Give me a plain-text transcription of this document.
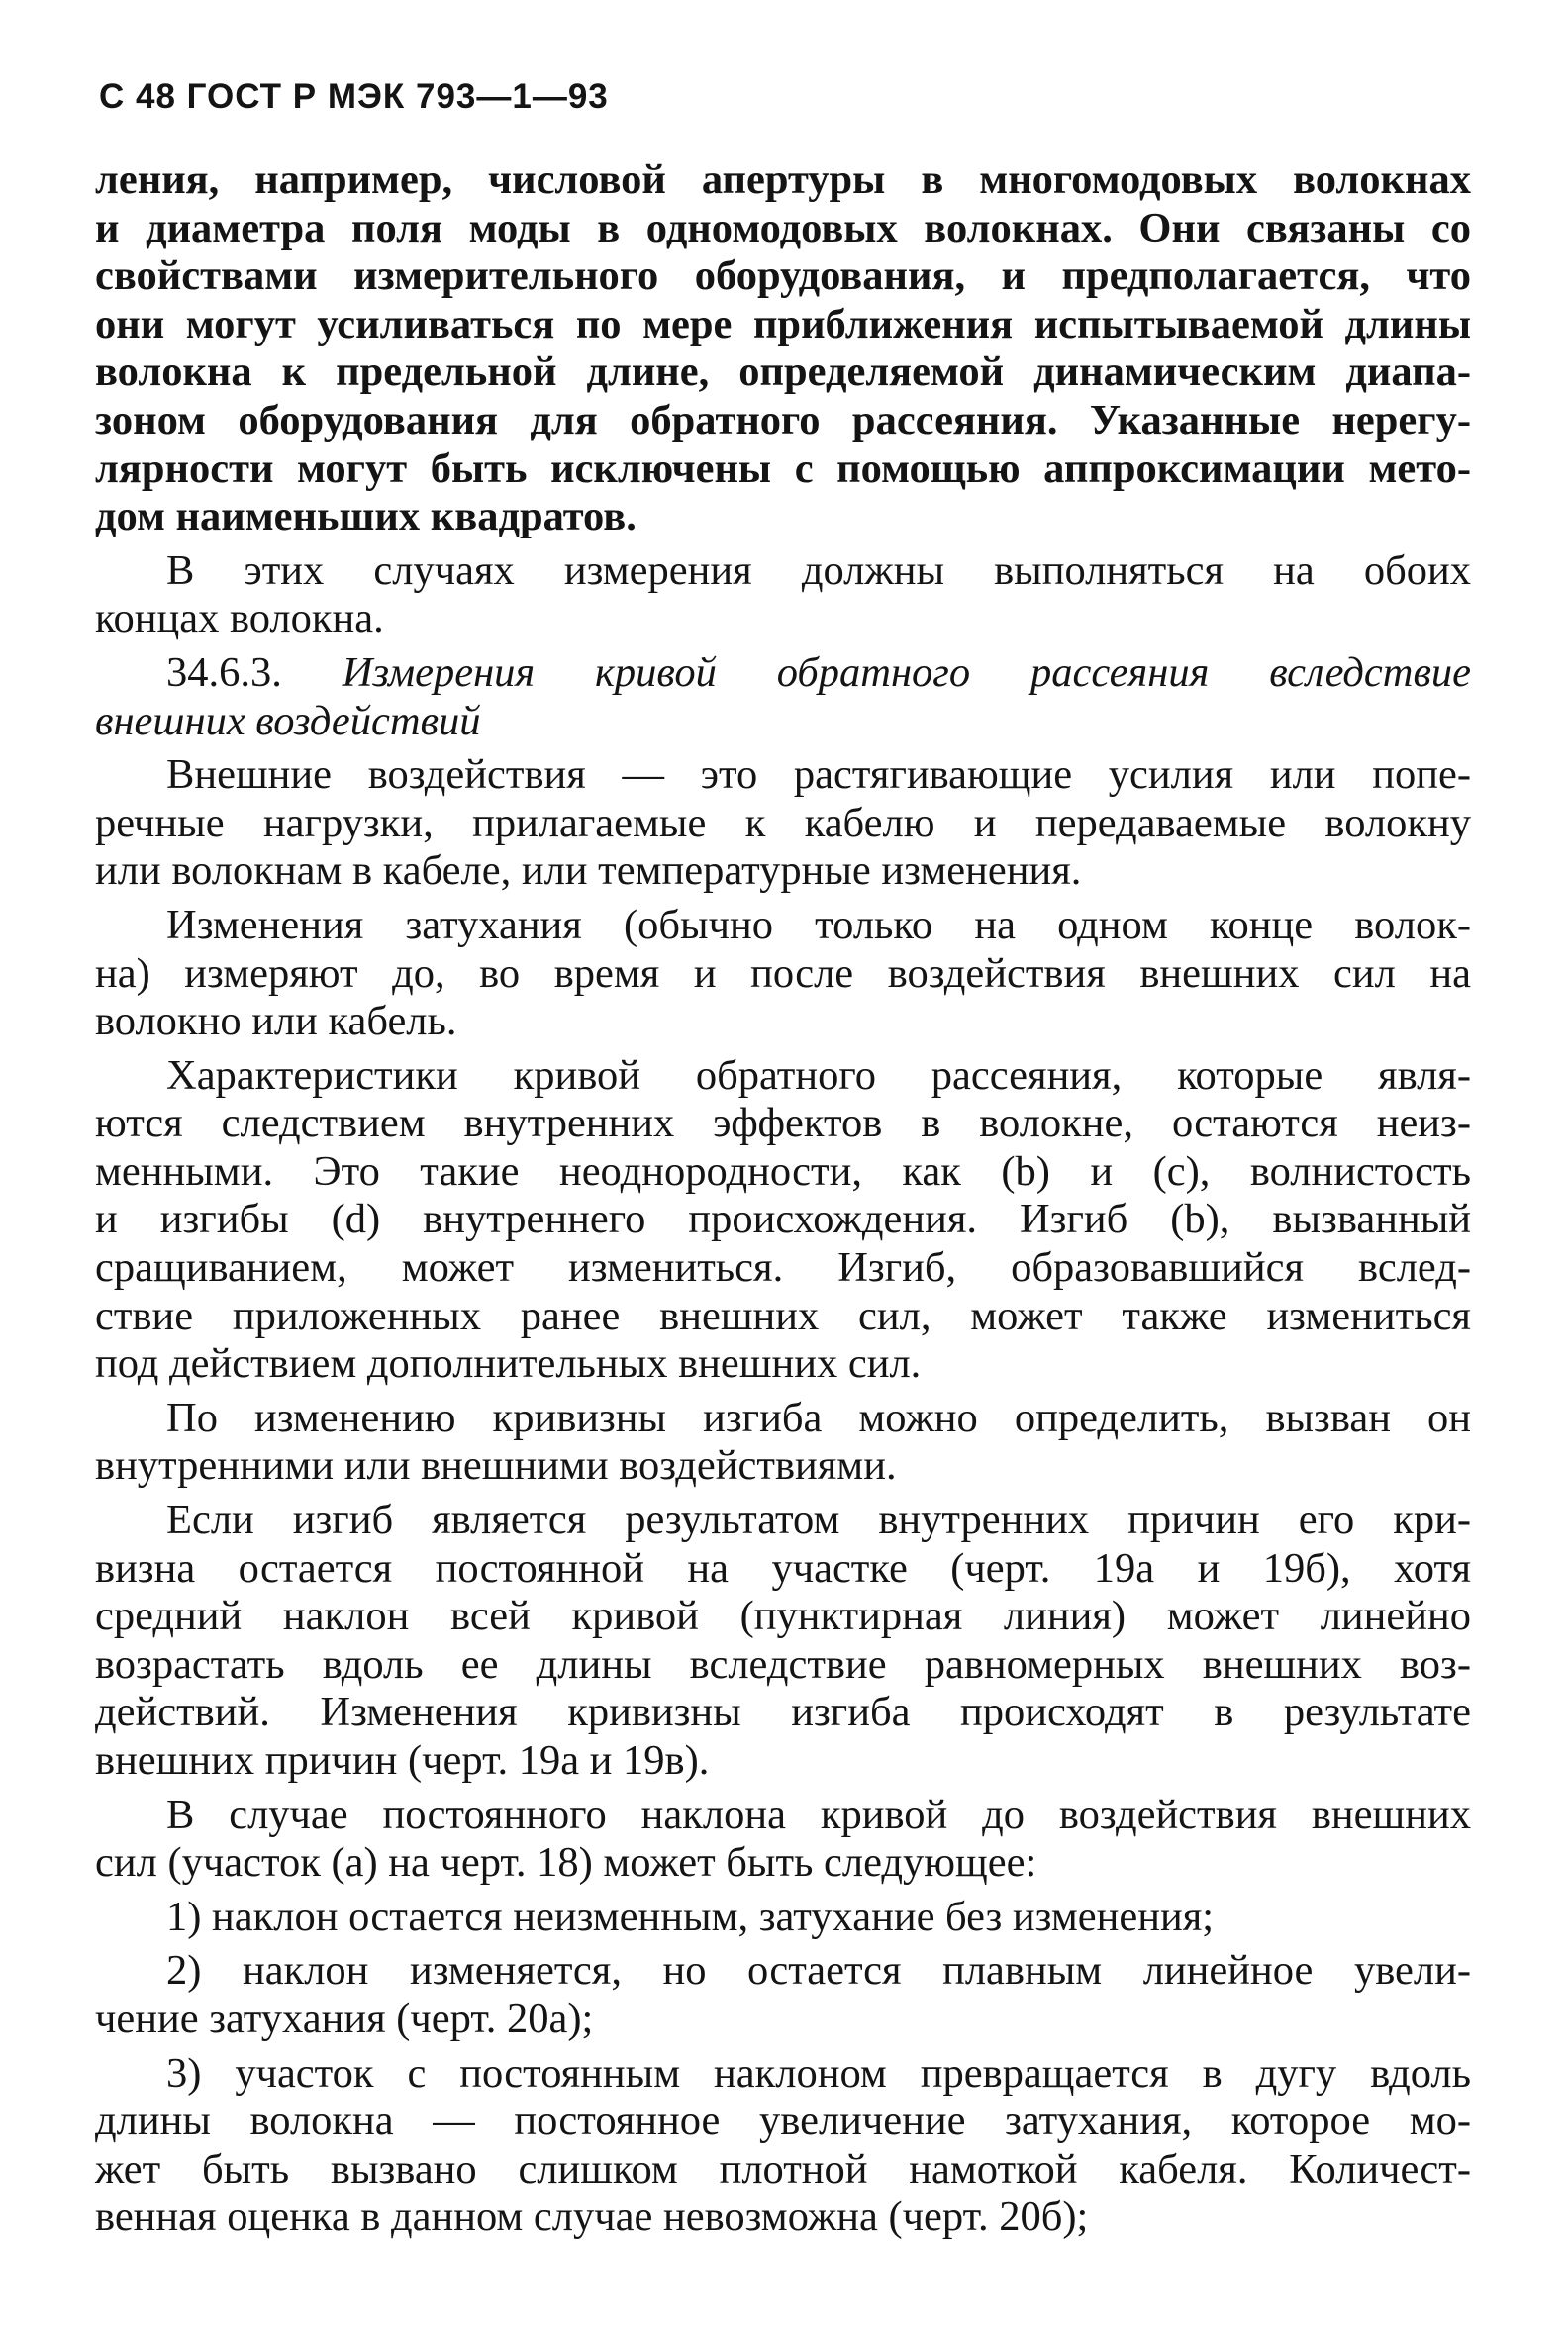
С 48 ГОСТ Р МЭК 793—1—93
ления, например, числовой апертуры в многомодовых волокнах
и диаметра поля моды в одномодовых волокнах. Они связаны со
свойствами измерительного оборудования, и предполагается, что
они могут усиливаться по мере приближения испытываемой длины
волокна к предельной длине, определяемой динамическим диапа-
зоном оборудования для обратного рассеяния. Указанные нерегу-
лярности могут быть исключены с помощью аппроксимации мето-
дом наименьших квадратов.
В этих случаях измерения должны выполняться на обоих
концах волокна.
34.6.3. Измерения кривой обратного рассеяния вследствие
внешних воздействий
Внешние воздействия — это растягивающие усилия или попе-
речные нагрузки, прилагаемые к кабелю и передаваемые волокну
или волокнам в кабеле, или температурные изменения.
Изменения затухания (обычно только на одном конце волок-
на) измеряют до, во время и после воздействия внешних сил на
волокно или кабель.
Характеристики кривой обратного рассеяния, которые явля-
ются следствием внутренних эффектов в волокне, остаются неиз-
менными. Это такие неоднородности, как (b) и (c), волнистость
и изгибы (d) внутреннего происхождения. Изгиб (b), вызванный
сращиванием, может измениться. Изгиб, образовавшийся вслед-
ствие приложенных ранее внешних сил, может также измениться
под действием дополнительных внешних сил.
По изменению кривизны изгиба можно определить, вызван он
внутренними или внешними воздействиями.
Если изгиб является результатом внутренних причин его кри-
визна остается постоянной на участке (черт. 19а и 19б), хотя
средний наклон всей кривой (пунктирная линия) может линейно
возрастать вдоль ее длины вследствие равномерных внешних воз-
действий. Изменения кривизны изгиба происходят в результате
внешних причин (черт. 19а и 19в).
В случае постоянного наклона кривой до воздействия внешних
сил (участок (а) на черт. 18) может быть следующее:
1) наклон остается неизменным, затухание без изменения;
2) наклон изменяется, но остается плавным линейное увели-
чение затухания (черт. 20а);
3) участок с постоянным наклоном превращается в дугу вдоль
длины волокна — постоянное увеличение затухания, которое мо-
жет быть вызвано слишком плотной намоткой кабеля. Количест-
венная оценка в данном случае невозможна (черт. 20б);
